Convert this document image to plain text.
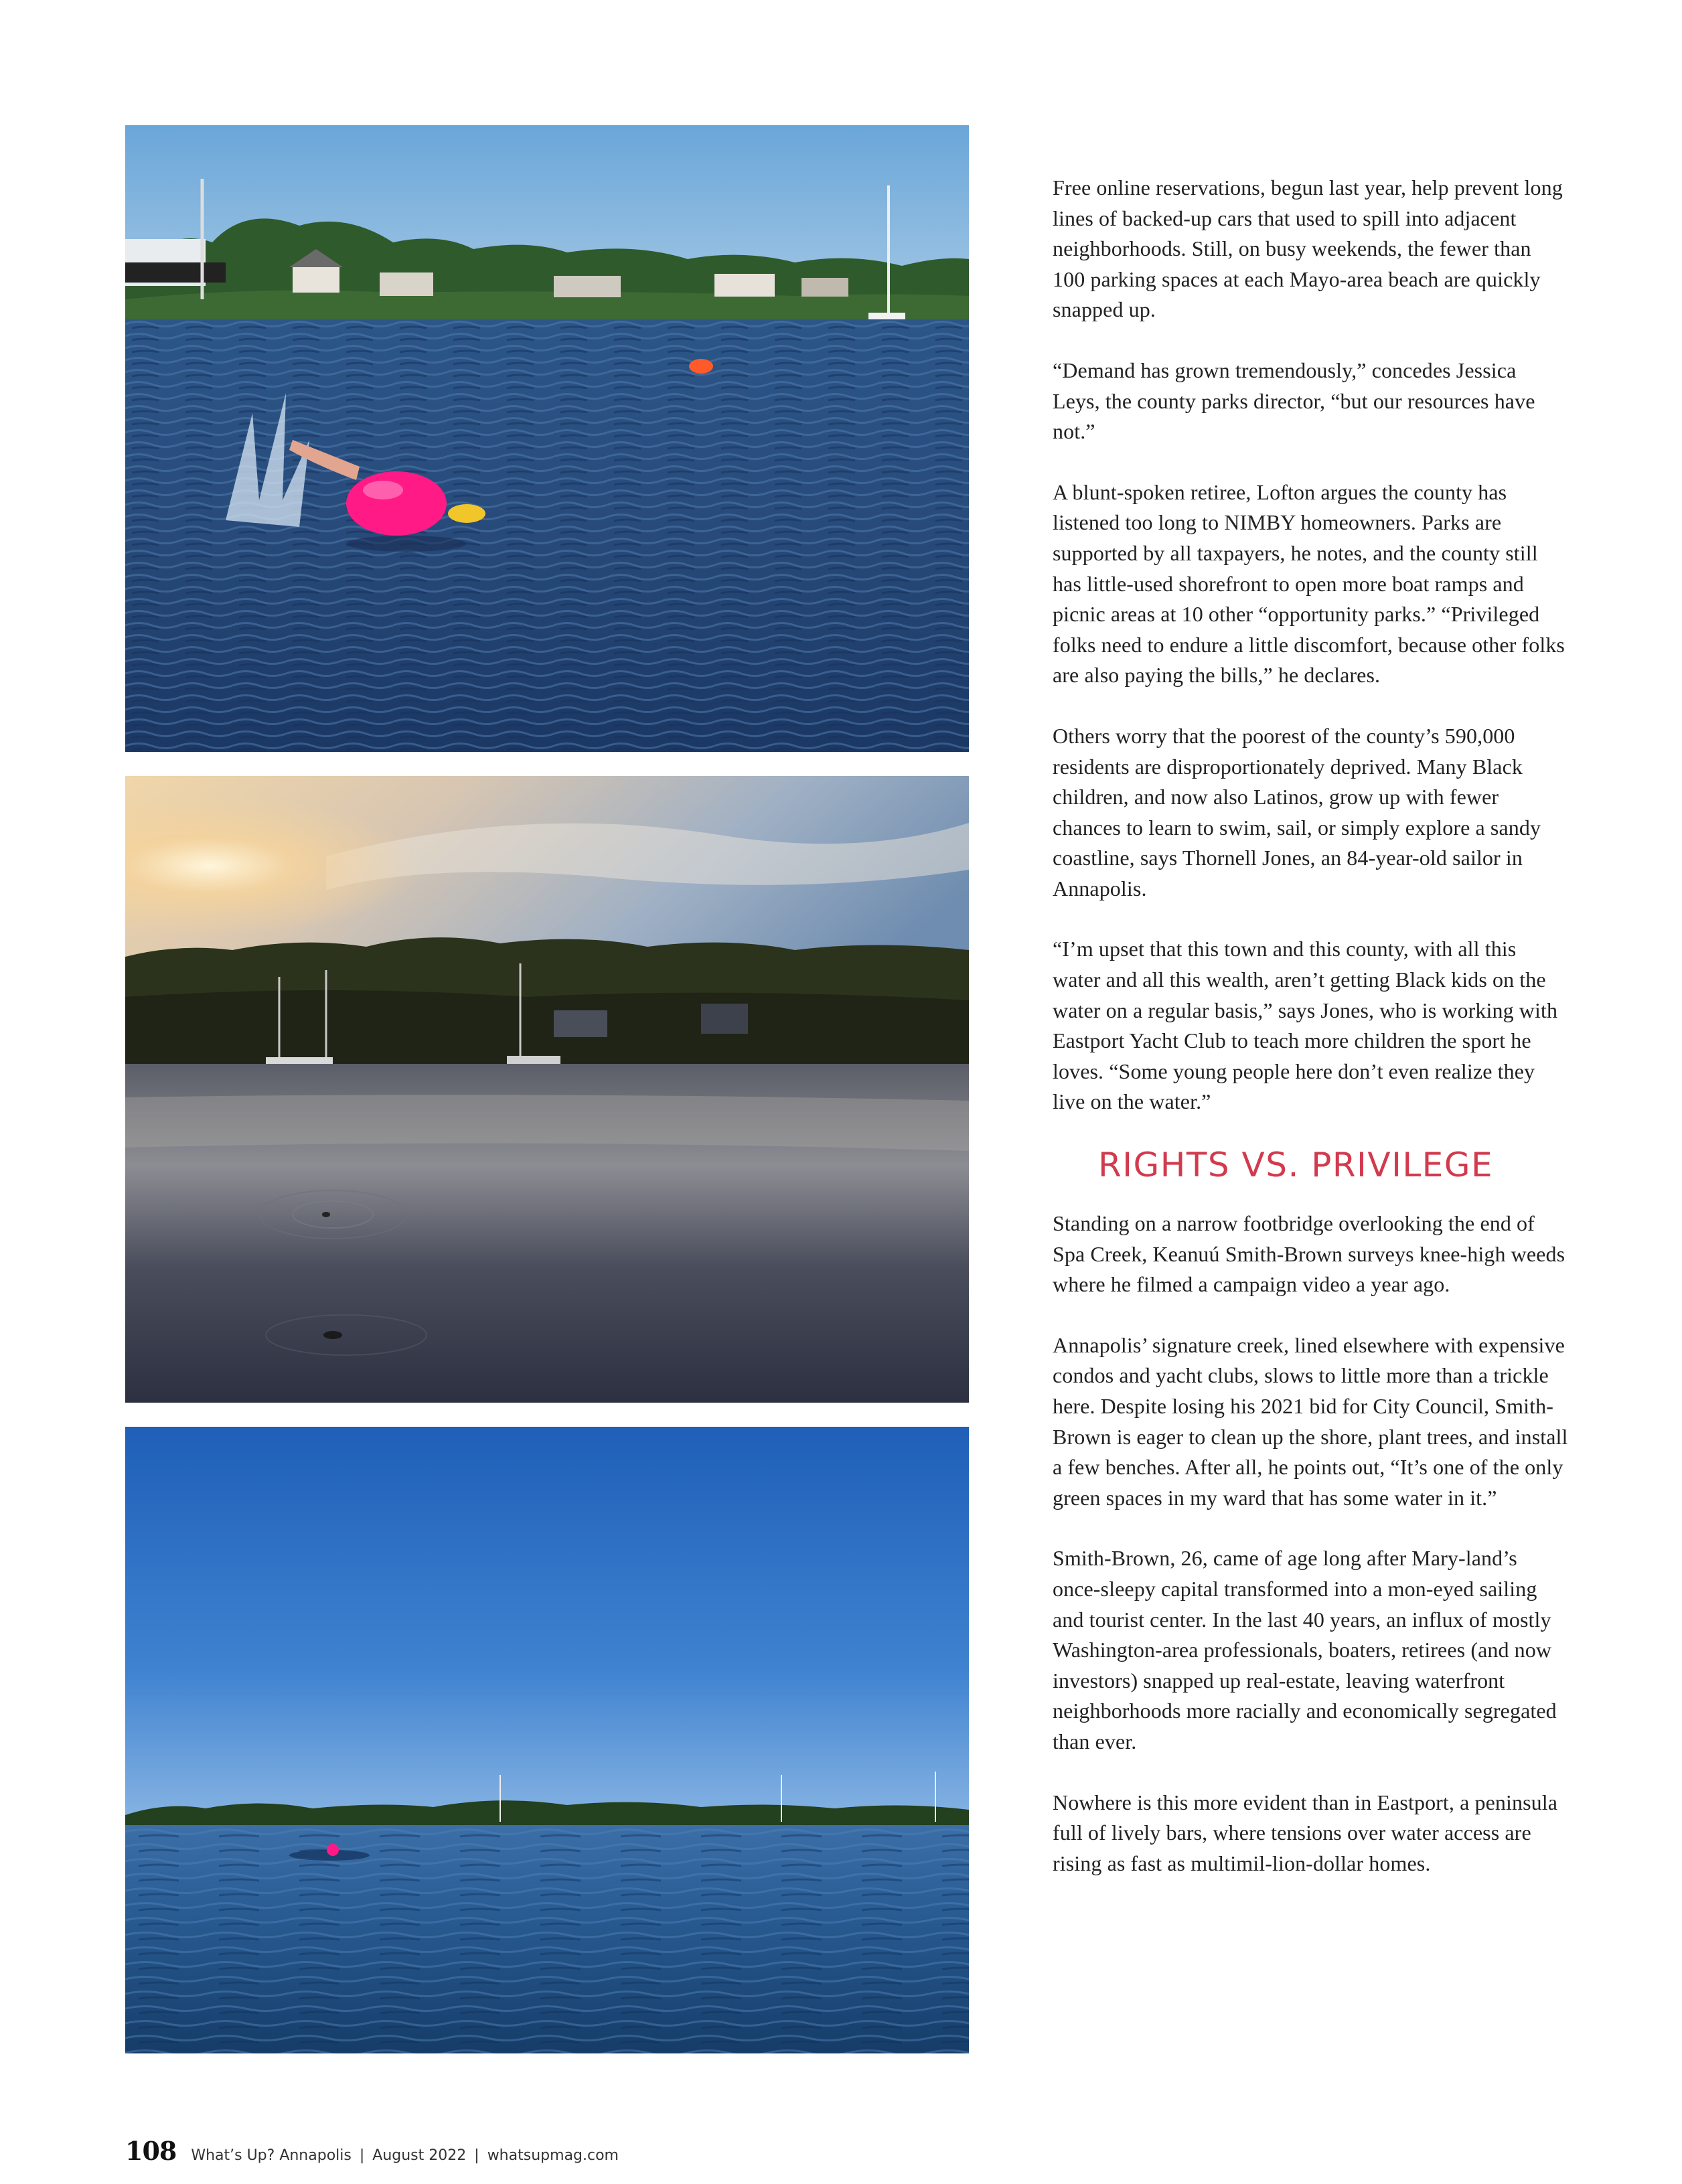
Free online reservations, begun last year, help prevent long lines of backed-up cars that used to spill into adjacent neighborhoods. Still, on busy weekends, the fewer than 100 parking spaces at each Mayo-area beach are quickly snapped up.

“Demand has grown tremendously,” concedes Jessica Leys, the county parks director, “but our resources have not.”

A blunt-spoken retiree, Lofton argues the county has listened too long to NIMBY homeowners. Parks are supported by all taxpayers, he notes, and the county still has little-used shorefront to open more boat ramps and picnic areas at 10 other “opportunity parks.” “Privileged folks need to endure a little discomfort, because other folks are also paying the bills,” he declares.

Others worry that the poorest of the county’s 590,000 residents are disproportionately deprived. Many Black children, and now also Latinos, grow up with fewer chances to learn to swim, sail, or simply explore a sandy coastline, says Thornell Jones, an 84-year-old sailor in Annapolis.

“I’m upset that this town and this county, with all this water and all this wealth, aren’t getting Black kids on the water on a regular basis,” says Jones, who is working with Eastport Yacht Club to teach more children the sport he loves. “Some young people here don’t even realize they live on the water.”

RIGHTS VS. PRIVILEGE

Standing on a narrow footbridge overlooking the end of Spa Creek, Keanuú Smith-Brown surveys knee-high weeds where he filmed a campaign video a year ago.

Annapolis’ signature creek, lined elsewhere with expensive condos and yacht clubs, slows to little more than a trickle here. Despite losing his 2021 bid for City Council, Smith-Brown is eager to clean up the shore, plant trees, and install a few benches. After all, he points out, “It’s one of the only green spaces in my ward that has some water in it.”

Smith-Brown, 26, came of age long after Mary-land’s once-sleepy capital transformed into a mon-eyed sailing and tourist center. In the last 40 years, an influx of mostly Washington-area professionals, boaters, retirees (and now investors) snapped up real-estate, leaving waterfront neighborhoods more racially and economically segregated than ever.

Nowhere is this more evident than in Eastport, a peninsula full of lively bars, where tensions over water access are rising as fast as multimil-lion-dollar homes.

108 What’s Up? Annapolis | August 2022 | whatsupmag.com
